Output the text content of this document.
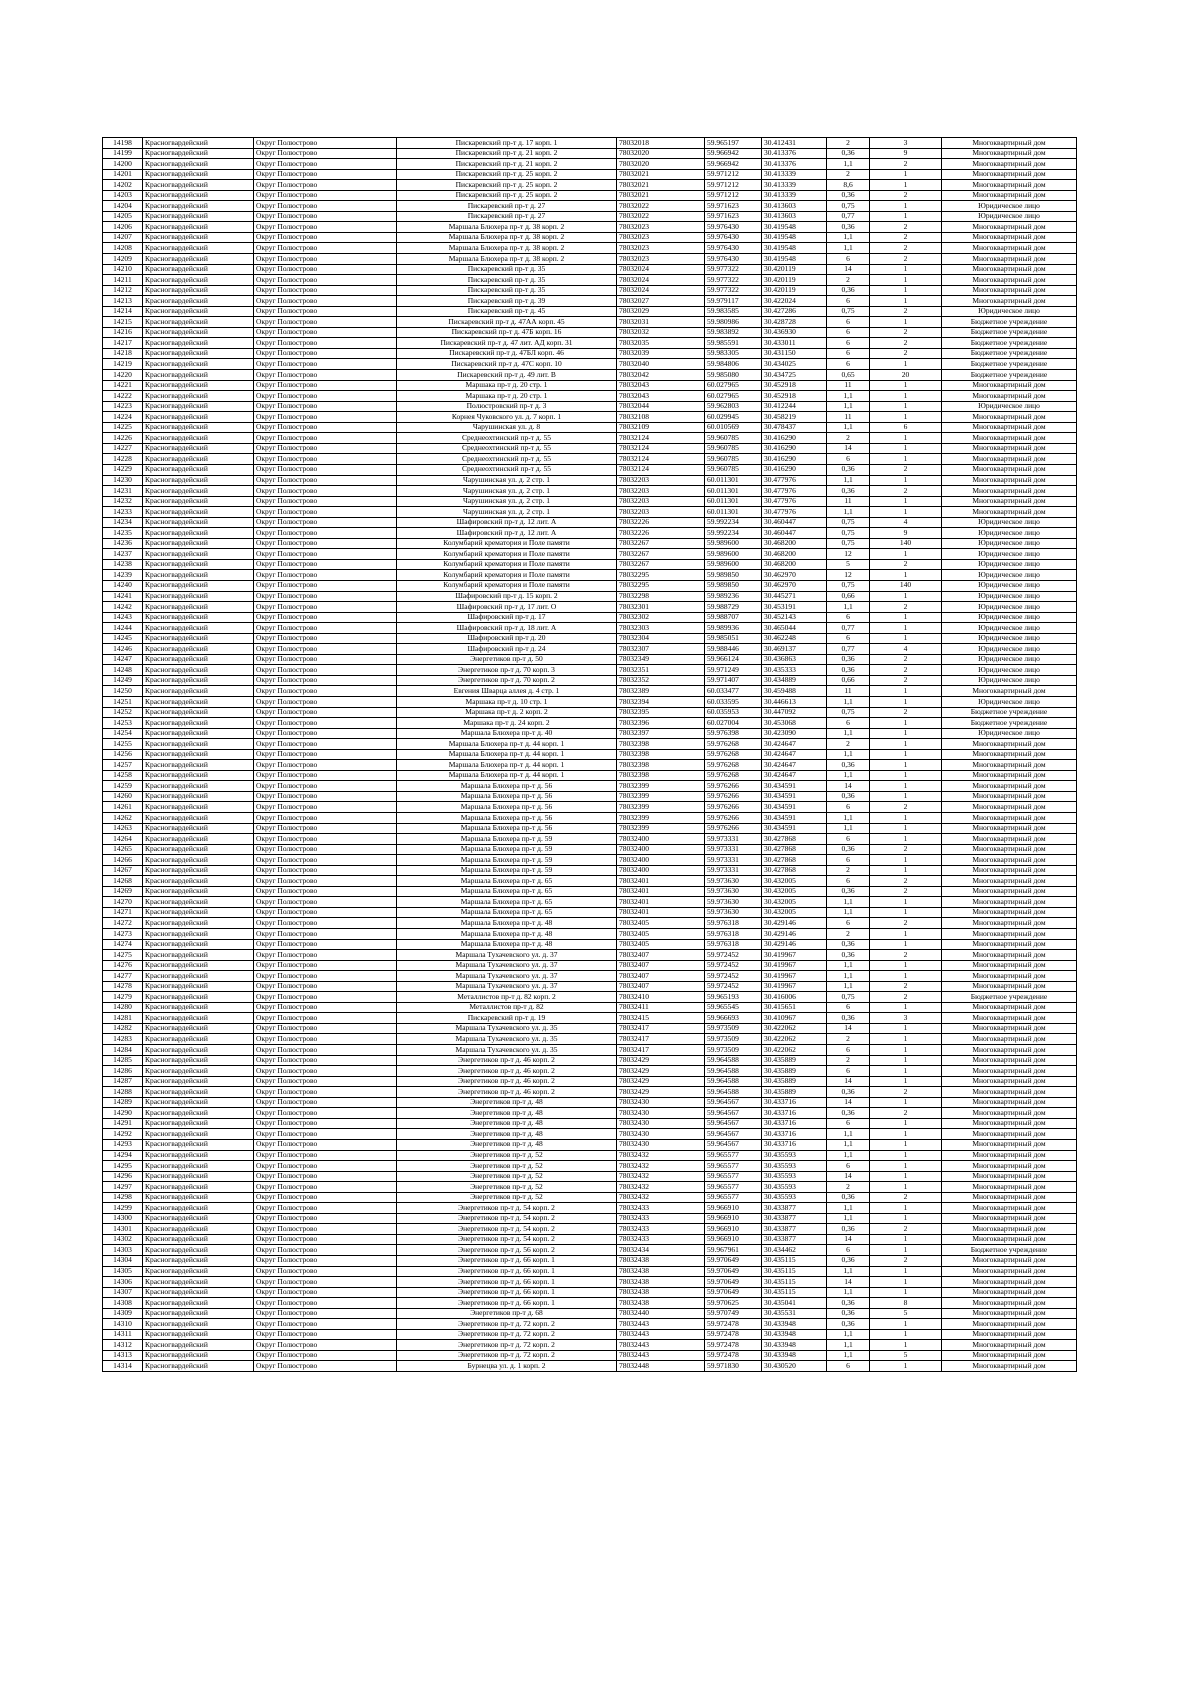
14198	Красногвардейский	Округ Полюстрово	Пискаревский пр-т д. 17 корп. 1	78032018	59.965197	30.412431	2	3	Многоквартирный дом
14199	Красногвардейский	Округ Полюстрово	Пискаревский пр-т д. 21 корп. 2	78032020	59.966942	30.413376	0,36	9	Многоквартирный дом
14200	Красногвардейский	Округ Полюстрово	Пискаревский пр-т д. 21 корп. 2	78032020	59.966942	30.413376	1,1	2	Многоквартирный дом
14201	Красногвардейский	Округ Полюстрово	Пискаревский пр-т д. 25 корп. 2	78032021	59.971212	30.413339	2	1	Многоквартирный дом
14202	Красногвардейский	Округ Полюстрово	Пискаревский пр-т д. 25 корп. 2	78032021	59.971212	30.413339	8,6	1	Многоквартирный дом
14203	Красногвардейский	Округ Полюстрово	Пискаревский пр-т д. 25 корп. 2	78032021	59.971212	30.413339	0,36	2	Многоквартирный дом
14204	Красногвардейский	Округ Полюстрово	Пискаревский пр-т д. 27	78032022	59.971623	30.413603	0,75	1	Юридическое лицо
14205	Красногвардейский	Округ Полюстрово	Пискаревский пр-т д. 27	78032022	59.971623	30.413603	0,77	1	Юридическое лицо
14206	Красногвардейский	Округ Полюстрово	Маршала Блюхера пр-т д. 38 корп. 2	78032023	59.976430	30.419548	0,36	2	Многоквартирный дом
14207	Красногвардейский	Округ Полюстрово	Маршала Блюхера пр-т д. 38 корп. 2	78032023	59.976430	30.419548	1,1	2	Многоквартирный дом
14208	Красногвардейский	Округ Полюстрово	Маршала Блюхера пр-т д. 38 корп. 2	78032023	59.976430	30.419548	1,1	2	Многоквартирный дом
14209	Красногвардейский	Округ Полюстрово	Маршала Блюхера пр-т д. 38 корп. 2	78032023	59.976430	30.419548	6	2	Многоквартирный дом
14210	Красногвардейский	Округ Полюстрово	Пискаревский пр-т д. 35	78032024	59.977322	30.420119	14	1	Многоквартирный дом
14211	Красногвардейский	Округ Полюстрово	Пискаревский пр-т д. 35	78032024	59.977322	30.420119	2	1	Многоквартирный дом
14212	Красногвардейский	Округ Полюстрово	Пискаревский пр-т д. 35	78032024	59.977322	30.420119	0,36	1	Многоквартирный дом
14213	Красногвардейский	Округ Полюстрово	Пискаревский пр-т д. 39	78032027	59.979117	30.422024	6	1	Многоквартирный дом
14214	Красногвардейский	Округ Полюстрово	Пискаревский пр-т д. 45	78032029	59.983585	30.427286	0,75	2	Юридическое лицо
14215	Красногвардейский	Округ Полюстрово	Пискаревский пр-т д. 47АА корп. 45	78032031	59.980986	30.428728	6	1	Бюджетное учреждение
14216	Красногвардейский	Округ Полюстрово	Пискаревский пр-т д. 47Б корп. 16	78032032	59.983892	30.436930	6	2	Бюджетное учреждение
14217	Красногвардейский	Округ Полюстрово	Пискаревский пр-т д. 47 лит. АД корп. 31	78032035	59.985591	30.433011	6	2	Бюджетное учреждение
14218	Красногвардейский	Округ Полюстрово	Пискаревский пр-т д. 47БЛ корп. 46	78032039	59.983305	30.431150	6	2	Бюджетное учреждение
14219	Красногвардейский	Округ Полюстрово	Пискаревский пр-т д. 47С корп. 10	78032040	59.984806	30.434025	6	1	Бюджетное учреждение
14220	Красногвардейский	Округ Полюстрово	Пискаревский пр-т д. 49 лит. В	78032042	59.985080	30.434725	0,65	20	Бюджетное учреждение
14221	Красногвардейский	Округ Полюстрово	Маршака пр-т д. 20 стр. 1	78032043	60.027965	30.452918	11	1	Многоквартирный дом
14222	Красногвардейский	Округ Полюстрово	Маршака пр-т д. 20 стр. 1	78032043	60.027965	30.452918	1,1	1	Многоквартирный дом
14223	Красногвардейский	Округ Полюстрово	Полюстровский пр-т д. 3	78032044	59.962803	30.412244	1,1	1	Юридическое лицо
14224	Красногвардейский	Округ Полюстрово	Корнея Чуковского ул. д. 7 корп. 1	78032108	60.029945	30.458219	11	1	Многоквартирный дом
14225	Красногвардейский	Округ Полюстрово	Чарушинская ул. д. 8	78032109	60.010569	30.478437	1,1	6	Многоквартирный дом
14226	Красногвардейский	Округ Полюстрово	Среднеохтинский пр-т д. 55	78032124	59.960785	30.416290	2	1	Многоквартирный дом
14227	Красногвардейский	Округ Полюстрово	Среднеохтинский пр-т д. 55	78032124	59.960785	30.416290	14	1	Многоквартирный дом
14228	Красногвардейский	Округ Полюстрово	Среднеохтинский пр-т д. 55	78032124	59.960785	30.416290	6	1	Многоквартирный дом
14229	Красногвардейский	Округ Полюстрово	Среднеохтинский пр-т д. 55	78032124	59.960785	30.416290	0,36	2	Многоквартирный дом
14230	Красногвардейский	Округ Полюстрово	Чарушинская ул. д. 2 стр. 1	78032203	60.011301	30.477976	1,1	1	Многоквартирный дом
14231	Красногвардейский	Округ Полюстрово	Чарушинская ул. д. 2 стр. 1	78032203	60.011301	30.477976	0,36	2	Многоквартирный дом
14232	Красногвардейский	Округ Полюстрово	Чарушинская ул. д. 2 стр. 1	78032203	60.011301	30.477976	11	1	Многоквартирный дом
14233	Красногвардейский	Округ Полюстрово	Чарушинская ул. д. 2 стр. 1	78032203	60.011301	30.477976	1,1	1	Многоквартирный дом
14234	Красногвардейский	Округ Полюстрово	Шафировский пр-т д. 12 лит. А	78032226	59.992234	30.460447	0,75	4	Юридическое лицо
14235	Красногвардейский	Округ Полюстрово	Шафировский пр-т д. 12 лит. А	78032226	59.992234	30.460447	0,75	9	Юридическое лицо
14236	Красногвардейский	Округ Полюстрово	Колумбарий крематория и Поле памяти	78032267	59.989600	30.468200	0,75	140	Юридическое лицо
14237	Красногвардейский	Округ Полюстрово	Колумбарий крематория и Поле памяти	78032267	59.989600	30.468200	12	1	Юридическое лицо
14238	Красногвардейский	Округ Полюстрово	Колумбарий крематория и Поле памяти	78032267	59.989600	30.468200	5	2	Юридическое лицо
14239	Красногвардейский	Округ Полюстрово	Колумбарий крематория и Поле памяти	78032295	59.989850	30.462970	12	1	Юридическое лицо
14240	Красногвардейский	Округ Полюстрово	Колумбарий крематория и Поле памяти	78032295	59.989850	30.462970	0,75	140	Юридическое лицо
14241	Красногвардейский	Округ Полюстрово	Шафировский пр-т д. 15 корп. 2	78032298	59.989236	30.445271	0,66	1	Юридическое лицо
14242	Красногвардейский	Округ Полюстрово	Шафировский пр-т д. 17 лит. О	78032301	59.988729	30.453191	1,1	2	Юридическое лицо
14243	Красногвардейский	Округ Полюстрово	Шафировский пр-т д. 17	78032302	59.988707	30.452143	6	1	Юридическое лицо
14244	Красногвардейский	Округ Полюстрово	Шафировский пр-т д. 18 лит. А	78032303	59.989936	30.465044	0,77	1	Юридическое лицо
14245	Красногвардейский	Округ Полюстрово	Шафировский пр-т д. 20	78032304	59.985051	30.462248	6	1	Юридическое лицо
14246	Красногвардейский	Округ Полюстрово	Шафировский пр-т д. 24	78032307	59.988446	30.469137	0,77	4	Юридическое лицо
14247	Красногвардейский	Округ Полюстрово	Энергетиков пр-т д. 50	78032349	59.966124	30.436863	0,36	2	Юридическое лицо
14248	Красногвардейский	Округ Полюстрово	Энергетиков пр-т д. 70 корп. 3	78032351	59.971249	30.435333	0,36	2	Юридическое лицо
14249	Красногвардейский	Округ Полюстрово	Энергетиков пр-т д. 70 корп. 2	78032352	59.971407	30.434889	0,66	2	Юридическое лицо
14250	Красногвардейский	Округ Полюстрово	Евгения Шварца аллея д. 4 стр. 1	78032389	60.033477	30.459488	11	1	Многоквартирный дом
14251	Красногвардейский	Округ Полюстрово	Маршака пр-т д. 10 стр. 1	78032394	60.033595	30.446613	1,1	1	Юридическое лицо
14252	Красногвардейский	Округ Полюстрово	Маршака пр-т д. 2 корп. 2	78032395	60.035953	30.447092	0,75	2	Бюджетное учреждение
14253	Красногвардейский	Округ Полюстрово	Маршака пр-т д. 24 корп. 2	78032396	60.027004	30.453068	6	1	Бюджетное учреждение
14254	Красногвардейский	Округ Полюстрово	Маршала Блюхера пр-т д. 40	78032397	59.976398	30.423090	1,1	1	Юридическое лицо
14255	Красногвардейский	Округ Полюстрово	Маршала Блюхера пр-т д. 44 корп. 1	78032398	59.976268	30.424647	2	1	Многоквартирный дом
14256	Красногвардейский	Округ Полюстрово	Маршала Блюхера пр-т д. 44 корп. 1	78032398	59.976268	30.424647	1,1	1	Многоквартирный дом
14257	Красногвардейский	Округ Полюстрово	Маршала Блюхера пр-т д. 44 корп. 1	78032398	59.976268	30.424647	0,36	1	Многоквартирный дом
14258	Красногвардейский	Округ Полюстрово	Маршала Блюхера пр-т д. 44 корп. 1	78032398	59.976268	30.424647	1,1	1	Многоквартирный дом
14259	Красногвардейский	Округ Полюстрово	Маршала Блюхера пр-т д. 56	78032399	59.976266	30.434591	14	1	Многоквартирный дом
14260	Красногвардейский	Округ Полюстрово	Маршала Блюхера пр-т д. 56	78032399	59.976266	30.434591	0,36	1	Многоквартирный дом
14261	Красногвардейский	Округ Полюстрово	Маршала Блюхера пр-т д. 56	78032399	59.976266	30.434591	6	2	Многоквартирный дом
14262	Красногвардейский	Округ Полюстрово	Маршала Блюхера пр-т д. 56	78032399	59.976266	30.434591	1,1	1	Многоквартирный дом
14263	Красногвардейский	Округ Полюстрово	Маршала Блюхера пр-т д. 56	78032399	59.976266	30.434591	1,1	1	Многоквартирный дом
14264	Красногвардейский	Округ Полюстрово	Маршала Блюхера пр-т д. 59	78032400	59.973331	30.427868	6	1	Многоквартирный дом
14265	Красногвардейский	Округ Полюстрово	Маршала Блюхера пр-т д. 59	78032400	59.973331	30.427868	0,36	2	Многоквартирный дом
14266	Красногвардейский	Округ Полюстрово	Маршала Блюхера пр-т д. 59	78032400	59.973331	30.427868	6	1	Многоквартирный дом
14267	Красногвардейский	Округ Полюстрово	Маршала Блюхера пр-т д. 59	78032400	59.973331	30.427868	2	1	Многоквартирный дом
14268	Красногвардейский	Округ Полюстрово	Маршала Блюхера пр-т д. 65	78032401	59.973630	30.432005	6	2	Многоквартирный дом
14269	Красногвардейский	Округ Полюстрово	Маршала Блюхера пр-т д. 65	78032401	59.973630	30.432005	0,36	2	Многоквартирный дом
14270	Красногвардейский	Округ Полюстрово	Маршала Блюхера пр-т д. 65	78032401	59.973630	30.432005	1,1	1	Многоквартирный дом
14271	Красногвардейский	Округ Полюстрово	Маршала Блюхера пр-т д. 65	78032401	59.973630	30.432005	1,1	1	Многоквартирный дом
14272	Красногвардейский	Округ Полюстрово	Маршала Блюхера пр-т д. 48	78032405	59.976318	30.429146	6	2	Многоквартирный дом
14273	Красногвардейский	Округ Полюстрово	Маршала Блюхера пр-т д. 48	78032405	59.976318	30.429146	2	1	Многоквартирный дом
14274	Красногвардейский	Округ Полюстрово	Маршала Блюхера пр-т д. 48	78032405	59.976318	30.429146	0,36	1	Многоквартирный дом
14275	Красногвардейский	Округ Полюстрово	Маршала Тухачевского ул. д. 37	78032407	59.972452	30.419967	0,36	2	Многоквартирный дом
14276	Красногвардейский	Округ Полюстрово	Маршала Тухачевского ул. д. 37	78032407	59.972452	30.419967	1,1	1	Многоквартирный дом
14277	Красногвардейский	Округ Полюстрово	Маршала Тухачевского ул. д. 37	78032407	59.972452	30.419967	1,1	1	Многоквартирный дом
14278	Красногвардейский	Округ Полюстрово	Маршала Тухачевского ул. д. 37	78032407	59.972452	30.419967	1,1	2	Многоквартирный дом
14279	Красногвардейский	Округ Полюстрово	Металлистов пр-т д. 82 корп. 2	78032410	59.965193	30.416006	0,75	2	Бюджетное учреждение
14280	Красногвардейский	Округ Полюстрово	Металлистов пр-т д. 82	78032411	59.965545	30.415651	6	1	Многоквартирный дом
14281	Красногвардейский	Округ Полюстрово	Пискаревский пр-т д. 19	78032415	59.966693	30.410967	0,36	3	Многоквартирный дом
14282	Красногвардейский	Округ Полюстрово	Маршала Тухачевского ул. д. 35	78032417	59.973509	30.422062	14	1	Многоквартирный дом
14283	Красногвардейский	Округ Полюстрово	Маршала Тухачевского ул. д. 35	78032417	59.973509	30.422062	2	1	Многоквартирный дом
14284	Красногвардейский	Округ Полюстрово	Маршала Тухачевского ул. д. 35	78032417	59.973509	30.422062	6	1	Многоквартирный дом
14285	Красногвардейский	Округ Полюстрово	Энергетиков пр-т д. 46 корп. 2	78032429	59.964588	30.435889	2	1	Многоквартирный дом
14286	Красногвардейский	Округ Полюстрово	Энергетиков пр-т д. 46 корп. 2	78032429	59.964588	30.435889	6	1	Многоквартирный дом
14287	Красногвардейский	Округ Полюстрово	Энергетиков пр-т д. 46 корп. 2	78032429	59.964588	30.435889	14	1	Многоквартирный дом
14288	Красногвардейский	Округ Полюстрово	Энергетиков пр-т д. 46 корп. 2	78032429	59.964588	30.435889	0,36	2	Многоквартирный дом
14289	Красногвардейский	Округ Полюстрово	Энергетиков пр-т д. 48	78032430	59.964567	30.433716	14	1	Многоквартирный дом
14290	Красногвардейский	Округ Полюстрово	Энергетиков пр-т д. 48	78032430	59.964567	30.433716	0,36	2	Многоквартирный дом
14291	Красногвардейский	Округ Полюстрово	Энергетиков пр-т д. 48	78032430	59.964567	30.433716	6	1	Многоквартирный дом
14292	Красногвардейский	Округ Полюстрово	Энергетиков пр-т д. 48	78032430	59.964567	30.433716	1,1	1	Многоквартирный дом
14293	Красногвардейский	Округ Полюстрово	Энергетиков пр-т д. 48	78032430	59.964567	30.433716	1,1	1	Многоквартирный дом
14294	Красногвардейский	Округ Полюстрово	Энергетиков пр-т д. 52	78032432	59.965577	30.435593	1,1	1	Многоквартирный дом
14295	Красногвардейский	Округ Полюстрово	Энергетиков пр-т д. 52	78032432	59.965577	30.435593	6	1	Многоквартирный дом
14296	Красногвардейский	Округ Полюстрово	Энергетиков пр-т д. 52	78032432	59.965577	30.435593	14	1	Многоквартирный дом
14297	Красногвардейский	Округ Полюстрово	Энергетиков пр-т д. 52	78032432	59.965577	30.435593	2	1	Многоквартирный дом
14298	Красногвардейский	Округ Полюстрово	Энергетиков пр-т д. 52	78032432	59.965577	30.435593	0,36	2	Многоквартирный дом
14299	Красногвардейский	Округ Полюстрово	Энергетиков пр-т д. 54 корп. 2	78032433	59.966910	30.433877	1,1	1	Многоквартирный дом
14300	Красногвардейский	Округ Полюстрово	Энергетиков пр-т д. 54 корп. 2	78032433	59.966910	30.433877	1,1	1	Многоквартирный дом
14301	Красногвардейский	Округ Полюстрово	Энергетиков пр-т д. 54 корп. 2	78032433	59.966910	30.433877	0,36	2	Многоквартирный дом
14302	Красногвардейский	Округ Полюстрово	Энергетиков пр-т д. 54 корп. 2	78032433	59.966910	30.433877	14	1	Многоквартирный дом
14303	Красногвардейский	Округ Полюстрово	Энергетиков пр-т д. 56 корп. 2	78032434	59.967961	30.434462	6	1	Бюджетное учреждение
14304	Красногвардейский	Округ Полюстрово	Энергетиков пр-т д. 66 корп. 1	78032438	59.970649	30.435115	0,36	2	Многоквартирный дом
14305	Красногвардейский	Округ Полюстрово	Энергетиков пр-т д. 66 корп. 1	78032438	59.970649	30.435115	1,1	1	Многоквартирный дом
14306	Красногвардейский	Округ Полюстрово	Энергетиков пр-т д. 66 корп. 1	78032438	59.970649	30.435115	14	1	Многоквартирный дом
14307	Красногвардейский	Округ Полюстрово	Энергетиков пр-т д. 66 корп. 1	78032438	59.970649	30.435115	1,1	1	Многоквартирный дом
14308	Красногвардейский	Округ Полюстрово	Энергетиков пр-т д. 66 корп. 1	78032438	59.970625	30.435041	0,36	8	Многоквартирный дом
14309	Красногвардейский	Округ Полюстрово	Энергетиков пр-т д. 68	78032440	59.970749	30.435531	0,36	5	Многоквартирный дом
14310	Красногвардейский	Округ Полюстрово	Энергетиков пр-т д. 72 корп. 2	78032443	59.972478	30.433948	0,36	1	Многоквартирный дом
14311	Красногвардейский	Округ Полюстрово	Энергетиков пр-т д. 72 корп. 2	78032443	59.972478	30.433948	1,1	1	Многоквартирный дом
14312	Красногвардейский	Округ Полюстрово	Энергетиков пр-т д. 72 корп. 2	78032443	59.972478	30.433948	1,1	1	Многоквартирный дом
14313	Красногвардейский	Округ Полюстрово	Энергетиков пр-т д. 72 корп. 2	78032443	59.972478	30.433948	1,1	5	Многоквартирный дом
14314	Красногвардейский	Округ Полюстрово	Бурнецва ул. д. 1 корп. 2	78032448	59.971830	30.430520	6	1	Многоквартирный дом
